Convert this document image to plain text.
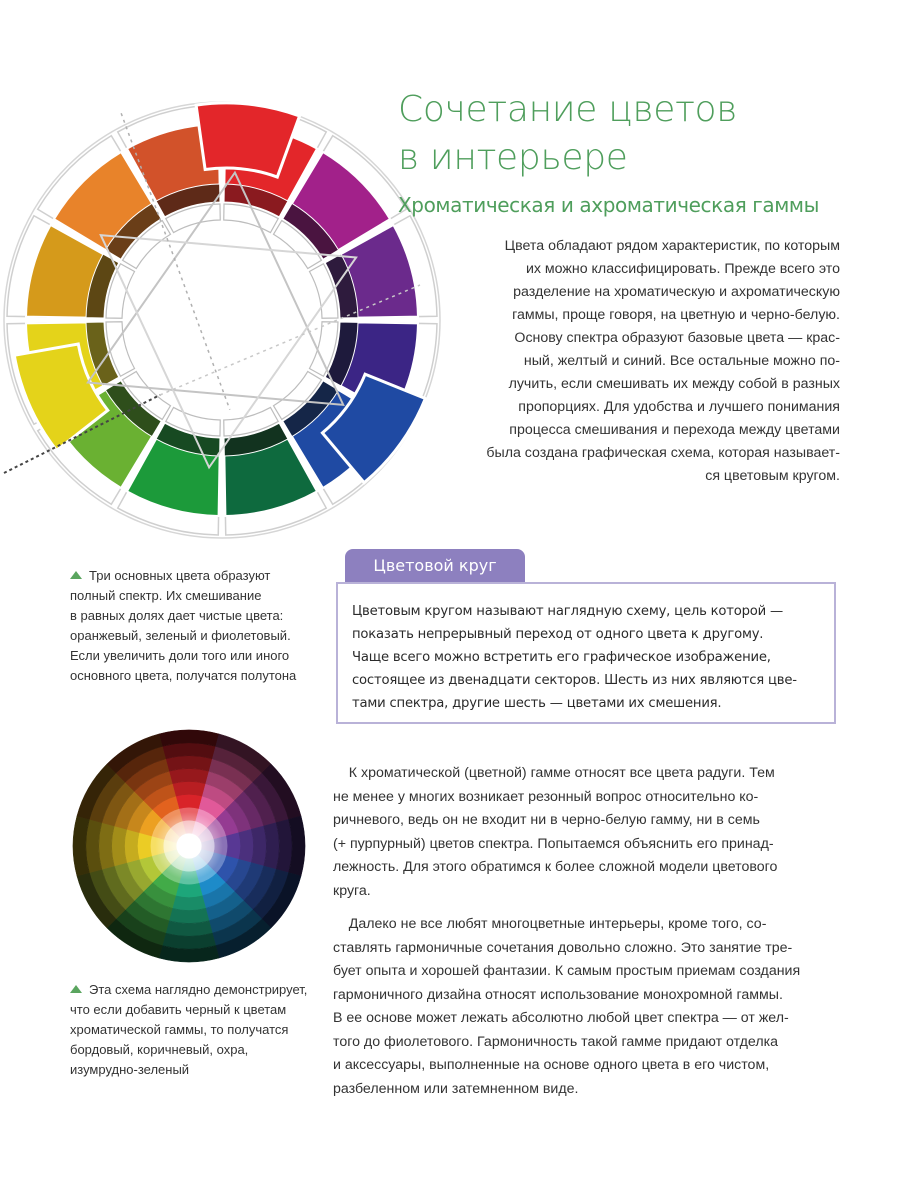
Сочетание цветов
в интерьере
Хроматическая и ахроматическая гаммы
Цвета обладают рядом характеристик, по которым
их можно классифицировать. Прежде всего это
разделение на хроматическую и ахроматическую
гаммы, проще говоря, на цветную и черно-белую.
Основу спектра образуют базовые цвета — крас-
ный, желтый и синий. Все остальные можно по-
лучить, если смешивать их между собой в разных
пропорциях. Для удобства и лучшего понимания
процесса смешивания и перехода между цветами
была создана графическая схема, которая называет-
ся цветовым кругом.
Три основных цвета образуют
полный спектр. Их смешивание
в равных долях дает чистые цвета:
оранжевый, зеленый и фиолетовый.
Если увеличить доли того или иного
основного цвета, получатся полутона
Цветовой круг
Цветовым кругом называют наглядную схему, цель которой —
показать непрерывный переход от одного цвета к другому.
Чаще всего можно встретить его графическое изображение,
состоящее из двенадцати секторов. Шесть из них являются цве-
тами спектра, другие шесть — цветами их смешения.

К хроматической (цветной) гамме относят все цвета радуги. Тем
не менее у многих возникает резонный вопрос относительно ко-
ричневого, ведь он не входит ни в черно-белую гамму, ни в семь
(+ пурпурный) цветов спектра. Попытаемся объяснить его принад-
лежность. Для этого обратимся к более сложной модели цветового
круга.

Далеко не все любят многоцветные интерьеры, кроме того, со-
ставлять гармоничные сочетания довольно сложно. Это занятие тре-
бует опыта и хорошей фантазии. К самым простым приемам создания
гармоничного дизайна относят использование монохромной гаммы.
В ее основе может лежать абсолютно любой цвет спектра — от жел-
того до фиолетового. Гармоничность такой гамме придают отделка
и аксессуары, выполненные на основе одного цвета в его чистом,
разбеленном или затемненном виде.

Эта схема наглядно демонстрирует,
что если добавить черный к цветам
хроматической гаммы, то получатся
бордовый, коричневый, охра,
изумрудно-зеленый
